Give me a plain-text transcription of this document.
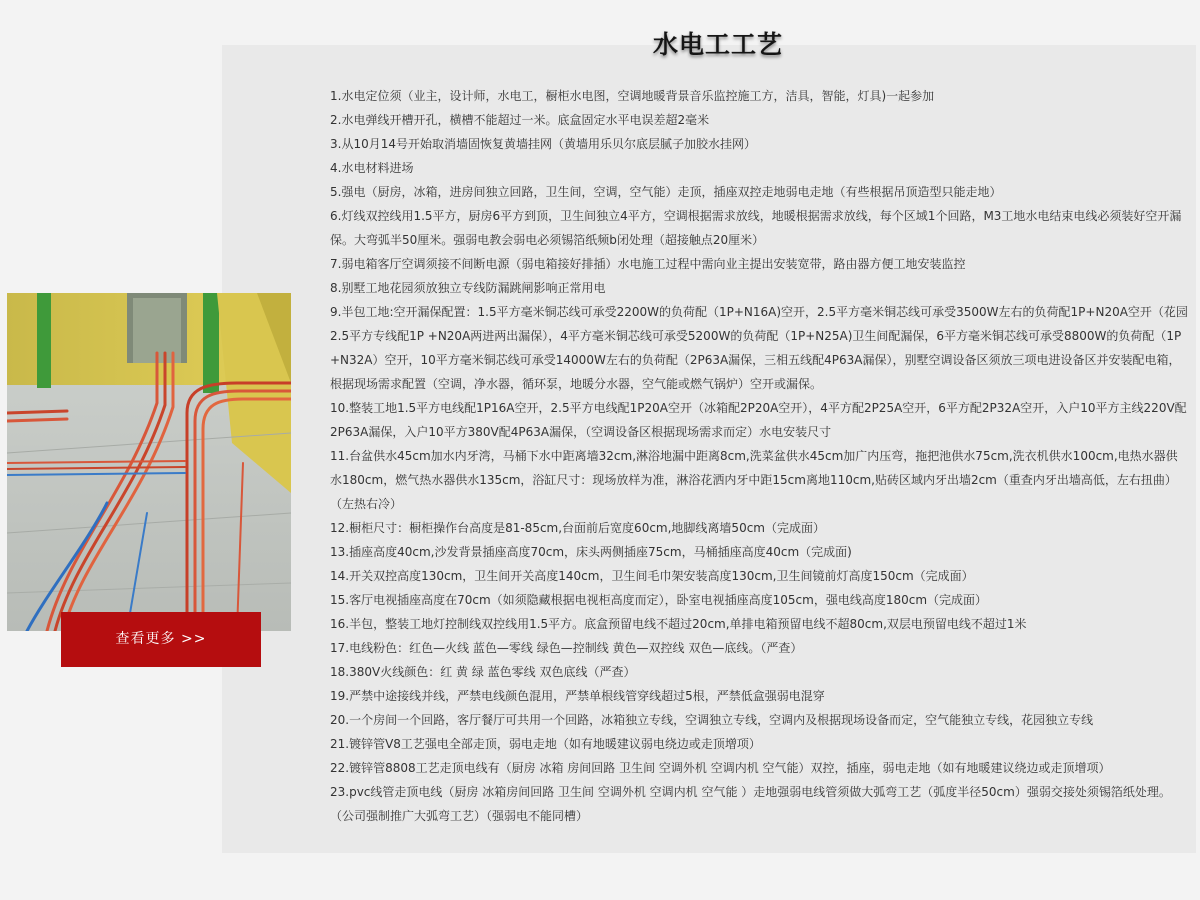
水电工工艺
1.水电定位须（业主，设计师，水电工，橱柜水电图，空调地暖背景音乐监控施工方，洁具，智能，灯具)一起参加
2.水电弹线开槽开孔，横槽不能超过一米。底盒固定水平电误差超2毫米
3.从10月14号开始取消墙固恢复黄墙挂网（黄墙用乐贝尔底层腻子加胶水挂网）
4.水电材料进场
5.强电（厨房，冰箱，进房间独立回路，卫生间，空调，空气能）走顶，插座双控走地弱电走地（有些根据吊顶造型只能走地）
6.灯线双控线用1.5平方，厨房6平方到顶，卫生间独立4平方，空调根据需求放线，地暖根据需求放线，每个区域1个回路，M3工地水电结束电线必须装好空开漏保。大弯弧半50厘米。强弱电教会弱电必须锡箔纸频b闭处理（超接触点20厘米）
7.弱电箱客厅空调须接不间断电源（弱电箱接好排插）水电施工过程中需向业主提出安装宽带，路由器方便工地安装监控
8.别墅工地花园须放独立专线防漏跳闸影响正常用电
9.半包工地:空开漏保配置：1.5平方毫米铜芯线可承受2200W的负荷配（1P+N16A)空开，2.5平方毫米铜芯线可承受3500W左右的负荷配1P+N20A空开（花园2.5平方专线配1P +N20A两进两出漏保），4平方毫米铜芯线可承受5200W的负荷配（1P+N25A)卫生间配漏保，6平方毫米铜芯线可承受8800W的负荷配（1P+N32A）空开，10平方毫米铜芯线可承受14000W左右的负荷配（2P63A漏保，三相五线配4P63A漏保），别墅空调设备区须放三项电进设备区并安装配电箱，根据现场需求配置（空调，净水器，循环泵，地暖分水器，空气能或燃气锅炉）空开或漏保。
10.整装工地1.5平方电线配1P16A空开，2.5平方电线配1P20A空开（冰箱配2P20A空开），4平方配2P25A空开，6平方配2P32A空开，入户10平方主线220V配2P63A漏保，入户10平方380V配4P63A漏保，（空调设备区根据现场需求而定）水电安装尺寸
11.台盆供水45cm加水内牙湾，马桶下水中距离墙32cm,淋浴地漏中距离8cm,洗菜盆供水45cm加广内压弯，拖把池供水75cm,洗衣机供水100cm,电热水器供水180cm，燃气热水器供水135cm，浴缸尺寸：现场放样为准，淋浴花洒内牙中距15cm离地110cm,贴砖区域内牙出墙2cm（重查内牙出墙高低，左右扭曲）（左热右冷）
12.橱柜尺寸：橱柜操作台高度是81-85cm,台面前后宽度60cm,地脚线离墙50cm（完成面）
13.插座高度40cm,沙发背景插座高度70cm，床头两侧插座75cm，马桶插座高度40cm（完成面)
14.开关双控高度130cm，卫生间开关高度140cm，卫生间毛巾架安装高度130cm,卫生间镜前灯高度150cm（完成面）
15.客厅电视插座高度在70cm（如须隐藏根据电视柜高度而定），卧室电视插座高度105cm，强电线高度180cm（完成面）
16.半包，整装工地灯控制线双控线用1.5平方。底盒预留电线不超过20cm,单排电箱预留电线不超80cm,双层电预留电线不超过1米
17.电线粉色：红色—火线 蓝色—零线 绿色—控制线 黄色—双控线 双色—底线。（严查）
18.380V火线颜色：红 黄 绿 蓝色零线 双色底线（严查）
19.严禁中途接线并线，严禁电线颜色混用，严禁单根线管穿线超过5根，严禁低盒强弱电混穿
20.一个房间一个回路，客厅餐厅可共用一个回路，冰箱独立专线，空调独立专线，空调内及根据现场设备而定，空气能独立专线，花园独立专线
21.镀锌管V8工艺强电全部走顶，弱电走地（如有地暖建议弱电绕边或走顶增项）
22.镀锌管8808工艺走顶电线有（厨房 冰箱 房间回路 卫生间 空调外机 空调内机 空气能）双控，插座，弱电走地（如有地暖建议绕边或走顶增项）
23.pvc线管走顶电线（厨房 冰箱房间回路 卫生间 空调外机 空调内机 空气能 ）走地强弱电线管须做大弧弯工艺（弧度半径50cm）强弱交接处须锡箔纸处理。（公司强制推广大弧弯工艺）（强弱电不能同槽）
查看更多 >>
